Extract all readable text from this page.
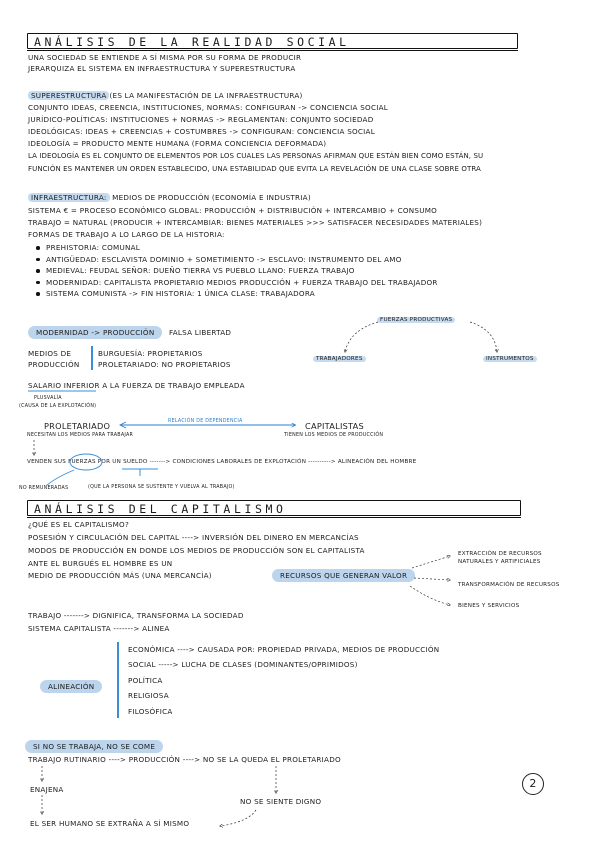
ANÁLISIS DE LA REALIDAD SOCIAL
UNA SOCIEDAD SE ENTIENDE A SÍ MISMA POR SU FORMA DE PRODUCIR
JERARQUIZA EL SISTEMA EN INFRAESTRUCTURA Y SUPERESTRUCTURA
SUPERESTRUCTURA (ES LA MANIFESTACIÓN DE LA INFRAESTRUCTURA)
CONJUNTO IDEAS, CREENCIA, INSTITUCIONES, NORMAS: CONFIGURAN -> CONCIENCIA SOCIAL
JURÍDICO-POLÍTICAS: INSTITUCIONES + NORMAS -> REGLAMENTAN: CONJUNTO SOCIEDAD
IDEOLÓGICAS: IDEAS + CREENCIAS + COSTUMBRES -> CONFIGURAN: CONCIENCIA SOCIAL
IDEOLOGÍA = PRODUCTO MENTE HUMANA (FORMA CONCIENCIA DEFORMADA)
LA IDEOLOGÍA ES EL CONJUNTO DE ELEMENTOS POR LOS CUALES LAS PERSONAS AFIRMAN QUE ESTÁN BIEN COMO ESTÁN, SU
FUNCIÓN ES MANTENER UN ORDEN ESTABLECIDO, UNA ESTABILIDAD QUE EVITA LA REVELACIÓN DE UNA CLASE SOBRE OTRA
INFRAESTRUCTURA: MEDIOS DE PRODUCCIÓN (ECONOMÍA E INDUSTRIA)
SISTEMA € = PROCESO ECONÓMICO GLOBAL: PRODUCCIÓN + DISTRIBUCIÓN + INTERCAMBIO + CONSUMO
TRABAJO = NATURAL (PRODUCIR + INTERCAMBIAR: BIENES MATERIALES >>> SATISFACER NECESIDADES MATERIALES)
FORMAS DE TRABAJO A LO LARGO DE LA HISTORIA:
PREHISTORIA: COMUNAL
ANTIGÜEDAD: ESCLAVISTA DOMINIO + SOMETIMIENTO -> ESCLAVO: INSTRUMENTO DEL AMO
MEDIEVAL: FEUDAL SEÑOR: DUEÑO TIERRA VS PUEBLO LLANO: FUERZA TRABAJO
MODERNIDAD: CAPITALISTA PROPIETARIO MEDIOS PRODUCCIÓN + FUERZA TRABAJO DEL TRABAJADOR
SISTEMA COMUNISTA -> FIN HISTORIA: 1 ÚNICA CLASE: TRABAJADORA
FUERZAS PRODUCTIVAS
TRABAJADORES	INSTRUMENTOS
MODERNIDAD -> PRODUCCIÓN FALSA LIBERTAD
MEDIOS DE
PRODUCCIÓN
BURGUESÍA: PROPIETARIOS
PROLETARIADO: NO PROPIETARIOS
SALARIO INFERIOR A LA FUERZA DE TRABAJO EMPLEADA
PLUSVALÍA
(CAUSA DE LA EXPLOTACIÓN)
RELACIÓN DE DEPENDENCIA
PROLETARIADO	CAPITALISTAS
NECESITAN LOS MEDIOS PARA TRABAJAR	TIENEN LOS MEDIOS DE PRODUCCIÓN
VENDEN SUS FUERZAS POR UN SUELDO -------> CONDICIONES LABORALES DE EXPLOTACIÓN ----------> ALINEACIÓN DEL HOMBRE
NO REMUNERADAS	(QUE LA PERSONA SE SUSTENTE Y VUELVA AL TRABAJO)
ANÁLISIS DEL CAPITALISMO
¿QUÉ ES EL CAPITALISMO?
POSESIÓN Y CIRCULACIÓN DEL CAPITAL ----> INVERSIÓN DEL DINERO EN MERCANCÍAS
MODOS DE PRODUCCIÓN EN DONDE LOS MEDIOS DE PRODUCCIÓN SON EL CAPITALISTA
ANTE EL BURGUÉS EL HOMBRE ES UN
MEDIO DE PRODUCCIÓN MÁS (UNA MERCANCÍA)	RECURSOS QUE GENERAN VALOR
EXTRACCIÓN DE RECURSOS
NATURALES Y ARTIFICIALES
TRANSFORMACIÓN DE RECURSOS
BIENES Y SERVICIOS
TRABAJO -------> DIGNIFICA, TRANSFORMA LA SOCIEDAD
SISTEMA CAPITALISTA -------> ALINEA
ALINEACIÓN
ECONÓMICA ----> CAUSADA POR: PROPIEDAD PRIVADA, MEDIOS DE PRODUCCIÓN
SOCIAL -----> LUCHA DE CLASES (DOMINANTES/OPRIMIDOS)
POLÍTICA
RELIGIOSA
FILOSÓFICA
SI NO SE TRABAJA, NO SE COME
TRABAJO RUTINARIO ----> PRODUCCIÓN ----> NO SE LA QUEDA EL PROLETARIADO
ENAJENA
NO SE SIENTE DIGNO
EL SER HUMANO SE EXTRAÑA A SÍ MISMO
2
